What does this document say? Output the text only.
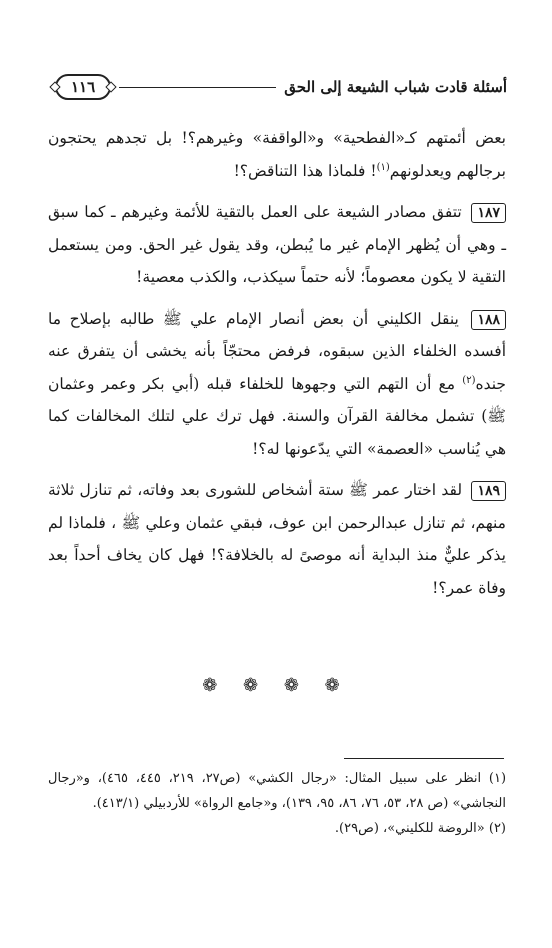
أسئلة قادت شباب الشيعة إلى الحق
١١٦

بعض أئمتهم كـ«الفطحية» و«الواقفة» وغيرهم؟! بل تجدهم يحتجون برجالهم ويعدلونهم$^{(١)}$! فلماذا هذا التناقض؟!

١٨٧ تتفق مصادر الشيعة على العمل بالتقية للأئمة وغيرهم ـ كما سبق ـ وهي أن يُظهر الإمام غير ما يُبطن، وقد يقول غير الحق. ومن يستعمل التقية لا يكون معصوماً؛ لأنه حتماً سيكذب، والكذب معصية!

١٨٨ ينقل الكليني أن بعض أنصار الإمام علي ﷺ طالبه بإصلاح ما أفسده الخلفاء الذين سبقوه، فرفض محتجّاً بأنه يخشى أن يتفرق عنه جنده$^{(٢)}$ مع أن التهم التي وجهوها للخلفاء قبله (أبي بكر وعمر وعثمان ﷺ) تشمل مخالفة القرآن والسنة. فهل ترك علي لتلك المخالفات كما هي يُناسب «العصمة» التي يدّعونها له؟!

١٨٩ لقد اختار عمر ﷺ ستة أشخاص للشورى بعد وفاته، ثم تنازل ثلاثة منهم، ثم تنازل عبدالرحمن ابن عوف، فبقي عثمان وعلي ﷺ ، فلماذا لم يذكر عليٌّ منذ البداية أنه موصىً له بالخلافة؟! فهل كان يخاف أحداً بعد وفاة عمر؟!

❁ ❁ ❁ ❁

(١) انظر على سبيل المثال: «رجال الكشي» (ص٢٧، ٢١٩، ٤٤٥، ٤٦٥)، و«رجال النجاشي» (ص ٢٨، ٥٣، ٧٦، ٨٦، ٩٥، ١٣٩)، و«جامع الرواة» للأردبيلي (٤١٣/١).

(٢) «الروضة للكليني»، (ص٢٩).
